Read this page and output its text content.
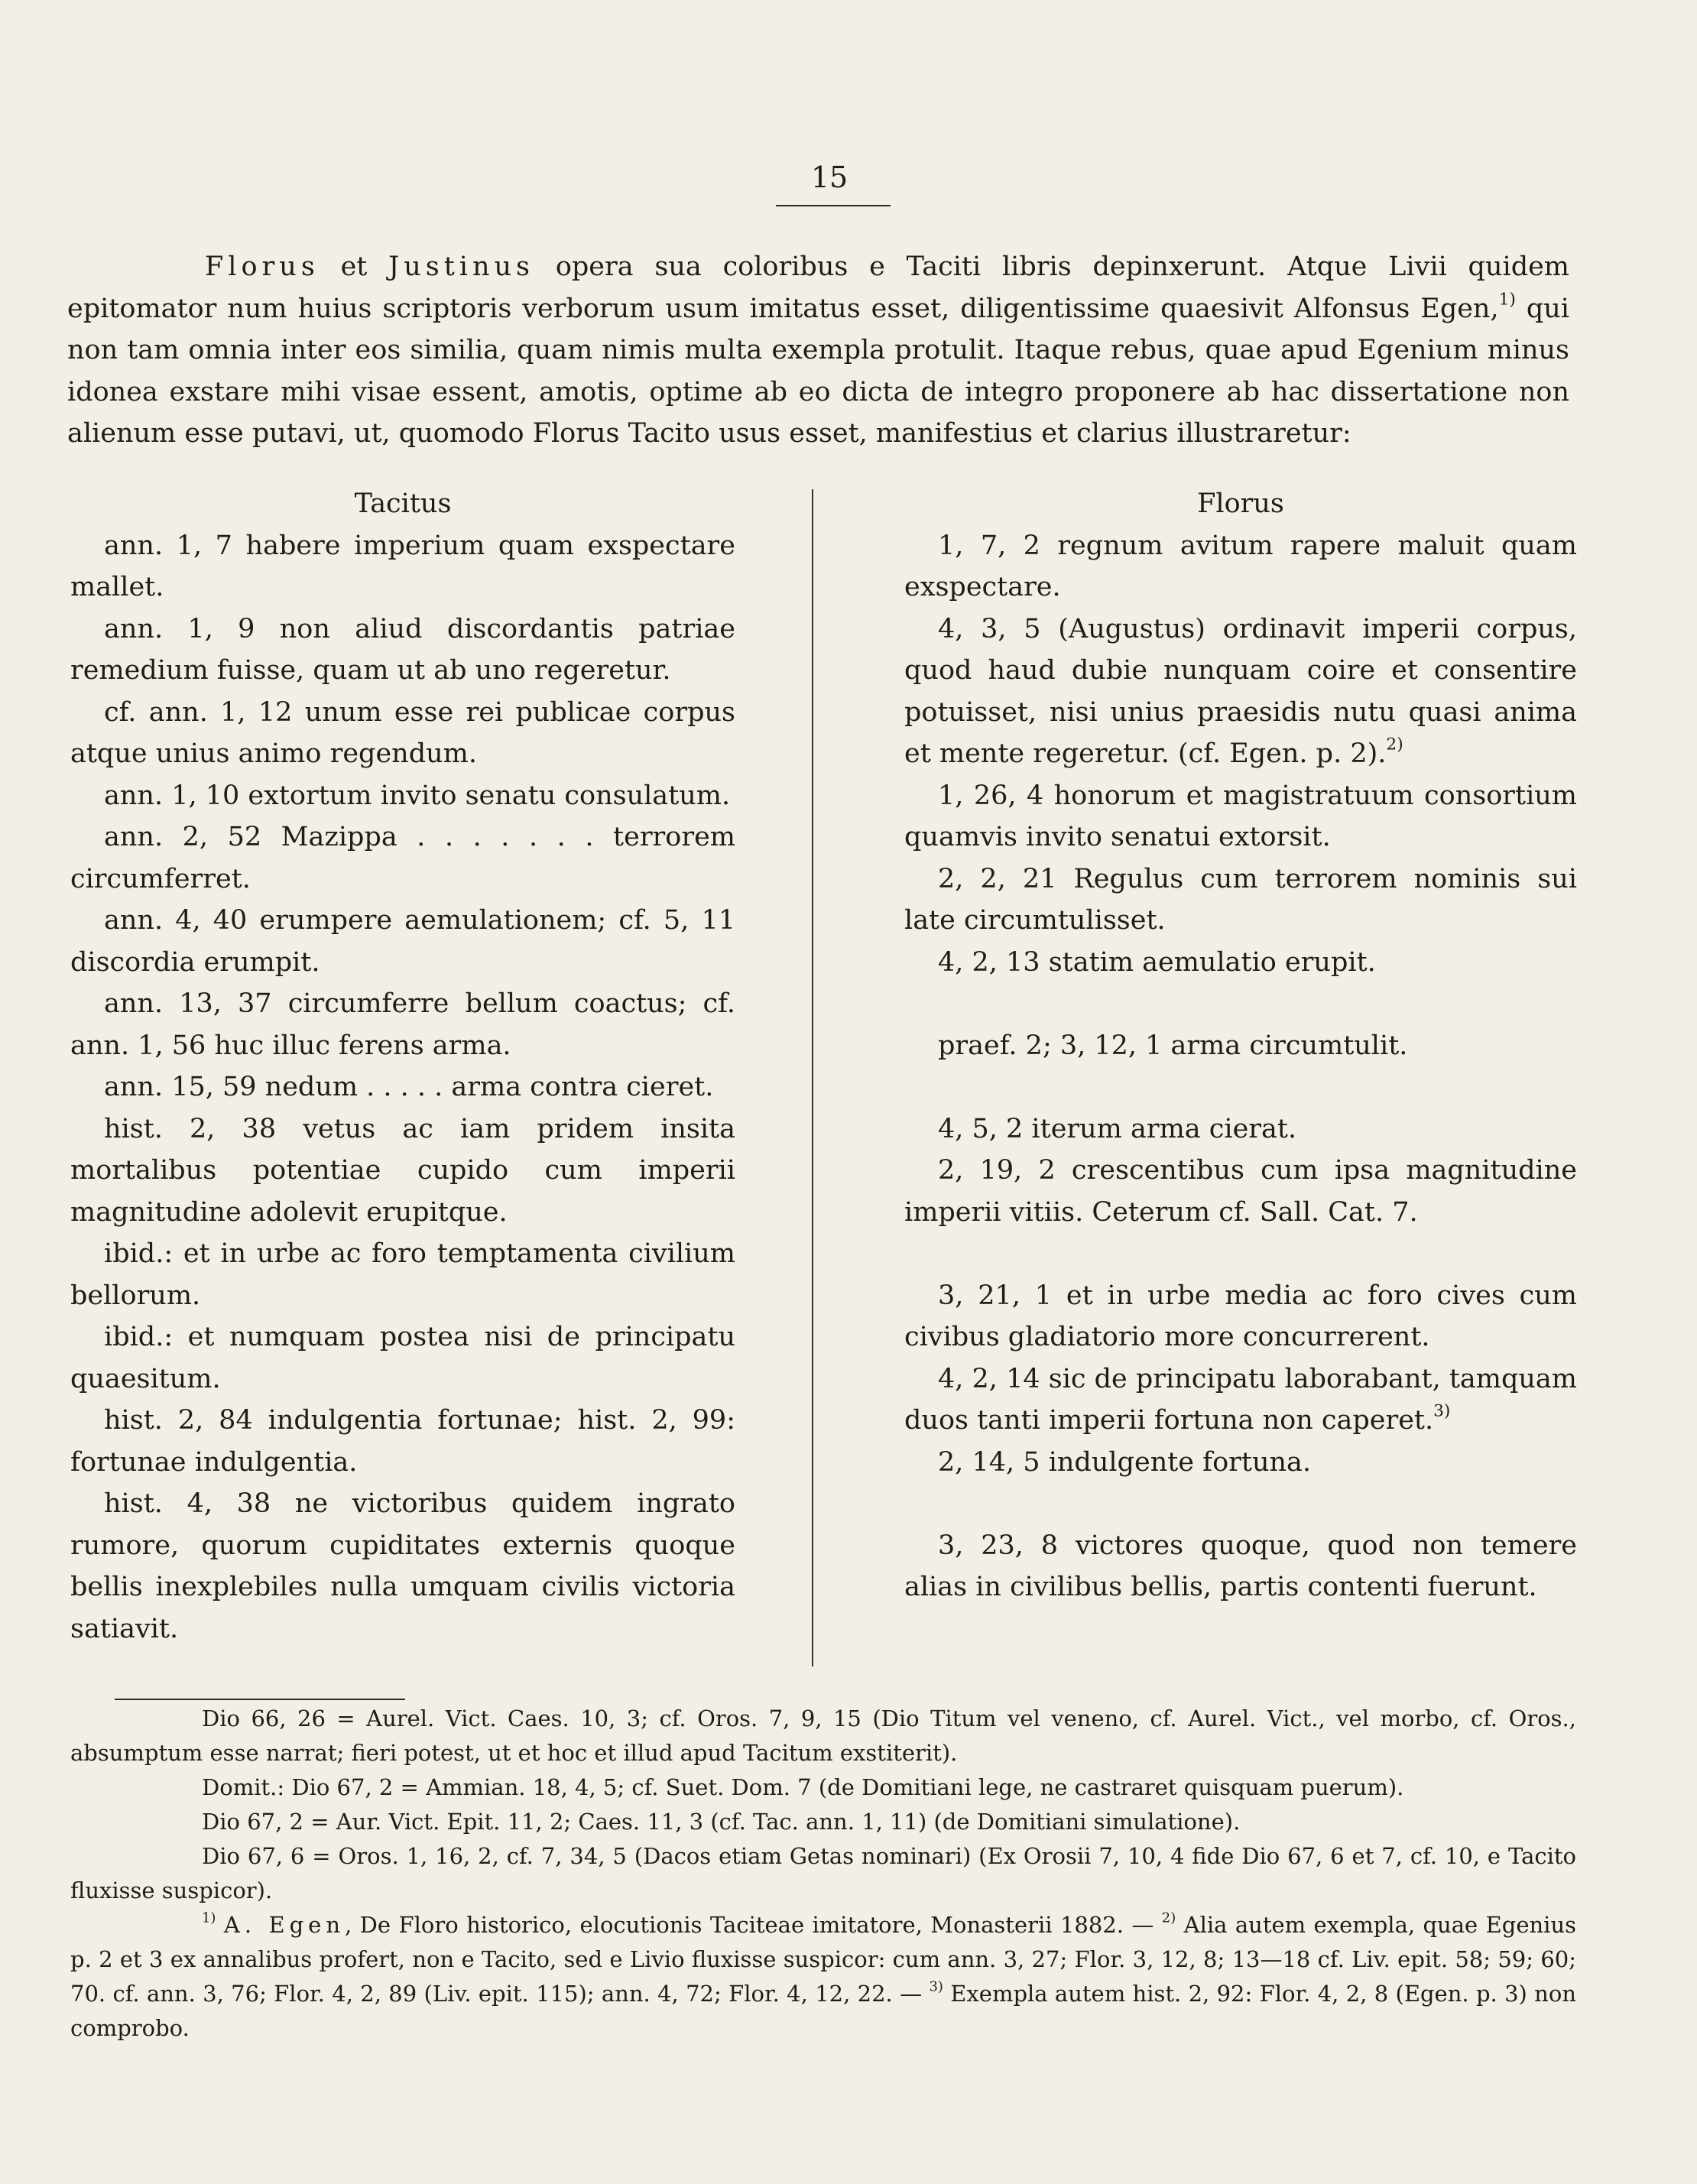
15

Florus et Justinus opera sua coloribus e Taciti libris depinxerunt. Atque Livii quidem epitomator num huius scriptoris verborum usum imitatus esset, diligentissime quaesivit Alfonsus Egen,$^{1)}$ qui non tam omnia inter eos similia, quam nimis multa exempla protulit. Itaque rebus, quae apud Egenium minus idonea exstare mihi visae essent, amotis, optime ab eo dicta de integro proponere ab hac dissertatione non alienum esse putavi, ut, quomodo Florus Tacito usus esset, manifestius et clarius illustraretur:

Tacitus

ann. 1, 7 habere imperium quam exspectare mallet.

ann. 1, 9 non aliud discordantis patriae remedium fuisse, quam ut ab uno regeretur.

cf. ann. 1, 12 unum esse rei publicae corpus atque unius animo regendum.

ann. 1, 10 extortum invito senatu consulatum.

ann. 2, 52 Mazippa . . . . . . . terrorem circumferret.

ann. 4, 40 erumpere aemulationem; cf. 5, 11 discordia erumpit.

ann. 13, 37 circumferre bellum coactus; cf. ann. 1, 56 huc illuc ferens arma.

ann. 15, 59 nedum . . . . . arma contra cieret.

hist. 2, 38 vetus ac iam pridem insita mortalibus potentiae cupido cum imperii magnitudine adolevit erupitque.

ibid.: et in urbe ac foro temptamenta civilium bellorum.

ibid.: et numquam postea nisi de principatu quaesitum.

hist. 2, 84 indulgentia fortunae; hist. 2, 99: fortunae indulgentia.

hist. 4, 38 ne victoribus quidem ingrato rumore, quorum cupiditates externis quoque bellis inexplebiles nulla umquam civilis victoria satiavit.

Florus

1, 7, 2 regnum avitum rapere maluit quam exspectare.

4, 3, 5 (Augustus) ordinavit imperii corpus, quod haud dubie nunquam coire et consentire potuisset, nisi unius praesidis nutu quasi anima et mente regeretur. (cf. Egen. p. 2).$^{2)}$

1, 26, 4 honorum et magistratuum consortium quamvis invito senatui extorsit.

2, 2, 21 Regulus cum terrorem nominis sui late circumtulisset.

4, 2, 13 statim aemulatio erupit.

praef. 2; 3, 12, 1 arma circumtulit.

4, 5, 2 iterum arma cierat.

2, 19, 2 crescentibus cum ipsa magnitudine imperii vitiis. Ceterum cf. Sall. Cat. 7.

3, 21, 1 et in urbe media ac foro cives cum civibus gladiatorio more concurrerent.

4, 2, 14 sic de principatu laborabant, tamquam duos tanti imperii fortuna non caperet.$^{3)}$

2, 14, 5 indulgente fortuna.

3, 23, 8 victores quoque, quod non temere alias in civilibus bellis, partis contenti fuerunt.

Dio 66, 26 = Aurel. Vict. Caes. 10, 3; cf. Oros. 7, 9, 15 (Dio Titum vel veneno, cf. Aurel. Vict., vel morbo, cf. Oros., absumptum esse narrat; fieri potest, ut et hoc et illud apud Tacitum exstiterit).

Domit.: Dio 67, 2 = Ammian. 18, 4, 5; cf. Suet. Dom. 7 (de Domitiani lege, ne castraret quisquam puerum).

Dio 67, 2 = Aur. Vict. Epit. 11, 2; Caes. 11, 3 (cf. Tac. ann. 1, 11) (de Domitiani simulatione).

Dio 67, 6 = Oros. 1, 16, 2, cf. 7, 34, 5 (Dacos etiam Getas nominari) (Ex Orosii 7, 10, 4 fide Dio 67, 6 et 7, cf. 10, e Tacito fluxisse suspicor).

$^{1)}$ A. Egen, De Floro historico, elocutionis Taciteae imitatore, Monasterii 1882. — $^{2)}$ Alia autem exempla, quae Egenius p. 2 et 3 ex annalibus profert, non e Tacito, sed e Livio fluxisse suspicor: cum ann. 3, 27; Flor. 3, 12, 8; 13—18 cf. Liv. epit. 58; 59; 60; 70. cf. ann. 3, 76; Flor. 4, 2, 89 (Liv. epit. 115); ann. 4, 72; Flor. 4, 12, 22. — $^{3)}$ Exempla autem hist. 2, 92: Flor. 4, 2, 8 (Egen. p. 3) non comprobo.
